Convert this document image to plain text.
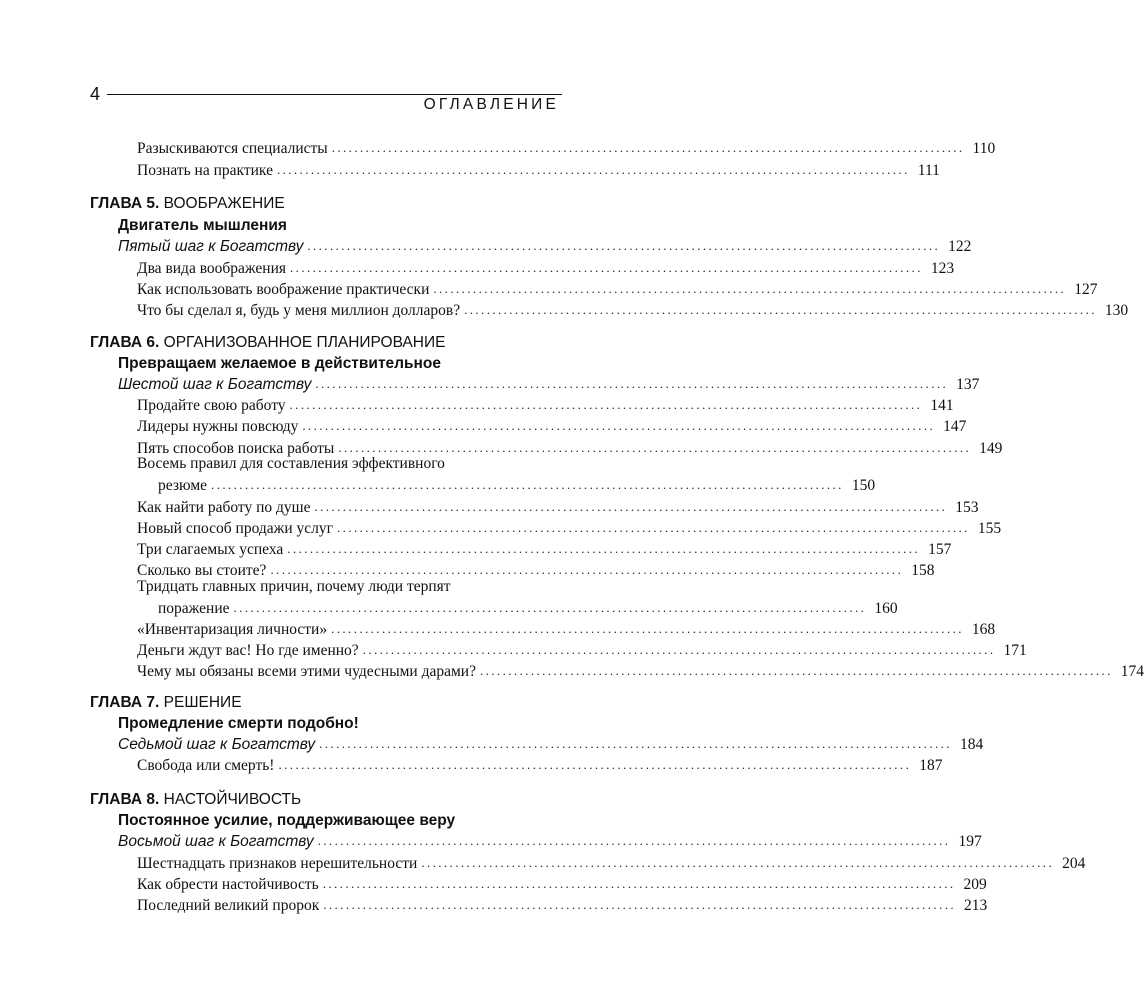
4
ОГЛАВЛЕНИЕ
Разыскиваются специалисты ................................................................................................................ 110
Познать на практике ................................................................................................................ 111
ГЛАВА 5. ВООБРАЖЕНИЕ
Двигатель мышления
Пятый шаг к Богатству ................................................................................................................ 122
Два вида воображения ................................................................................................................ 123
Как использовать воображение практически ................................................................................................................ 127
Что бы сделал я, будь у меня миллион долларов? ................................................................................................................ 130
ГЛАВА 6. ОРГАНИЗОВАННОЕ ПЛАНИРОВАНИЕ
Превращаем желаемое в действительное
Шестой шаг к Богатству ................................................................................................................ 137
Продайте свою работу ................................................................................................................ 141
Лидеры нужны повсюду ................................................................................................................ 147
Пять способов поиска работы ................................................................................................................ 149
Восемь правил для составления эффективного
резюме ................................................................................................................ 150
Как найти работу по душе ................................................................................................................ 153
Новый способ продажи услуг ................................................................................................................ 155
Три слагаемых успеха ................................................................................................................ 157
Сколько вы стоите? ................................................................................................................ 158
Тридцать главных причин, почему люди терпят
поражение ................................................................................................................ 160
«Инвентаризация личности» ................................................................................................................ 168
Деньги ждут вас! Но где именно? ................................................................................................................ 171
Чему мы обязаны всеми этими чудесными дарами? ................................................................................................................ 174
ГЛАВА 7. РЕШЕНИЕ
Промедление смерти подобно!
Седьмой шаг к Богатству ................................................................................................................ 184
Свобода или смерть! ................................................................................................................ 187
ГЛАВА 8. НАСТОЙЧИВОСТЬ
Постоянное усилие, поддерживающее веру
Восьмой шаг к Богатству ................................................................................................................ 197
Шестнадцать признаков нерешительности ................................................................................................................ 204
Как обрести настойчивость ................................................................................................................ 209
Последний великий пророк ................................................................................................................ 213
